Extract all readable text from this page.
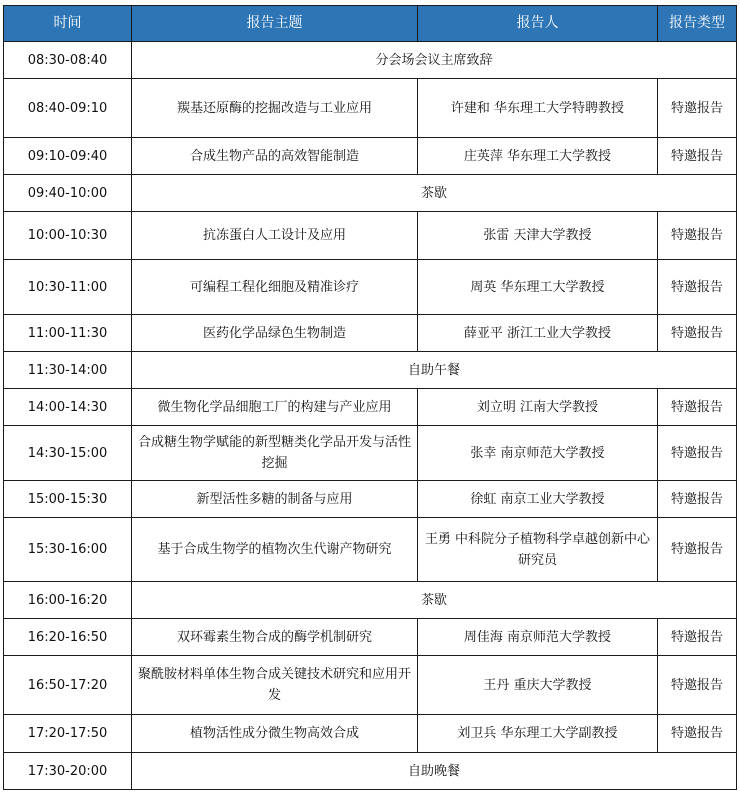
时间	报告主题	报告人	报告类型
08:30-08:40	分会场会议主席致辞		
08:40-09:10	羰基还原酶的挖掘改造与工业应用	许建和 华东理工大学特聘教授	特邀报告
09:10-09:40	合成生物产品的高效智能制造	庄英萍 华东理工大学教授	特邀报告
09:40-10:00	茶歇		
10:00-10:30	抗冻蛋白人工设计及应用	张雷 天津大学教授	特邀报告
10:30-11:00	可编程工程化细胞及精准诊疗	周英 华东理工大学教授	特邀报告
11:00-11:30	医药化学品绿色生物制造	薛亚平 浙江工业大学教授	特邀报告
11:30-14:00	自助午餐		
14:00-14:30	微生物化学品细胞工厂的构建与产业应用	刘立明 江南大学教授	特邀报告
14:30-15:00	合成糖生物学赋能的新型糖类化学品开发与活性挖掘	张幸 南京师范大学教授	特邀报告
15:00-15:30	新型活性多糖的制备与应用	徐虹 南京工业大学教授	特邀报告
15:30-16:00	基于合成生物学的植物次生代谢产物研究	王勇 中科院分子植物科学卓越创新中心研究员	特邀报告
16:00-16:20	茶歇		
16:20-16:50	双环霉素生物合成的酶学机制研究	周佳海 南京师范大学教授	特邀报告
16:50-17:20	聚酰胺材料单体生物合成关键技术研究和应用开发	王丹 重庆大学教授	特邀报告
17:20-17:50	植物活性成分微生物高效合成	刘卫兵 华东理工大学副教授	特邀报告
17:30-20:00	自助晚餐		
